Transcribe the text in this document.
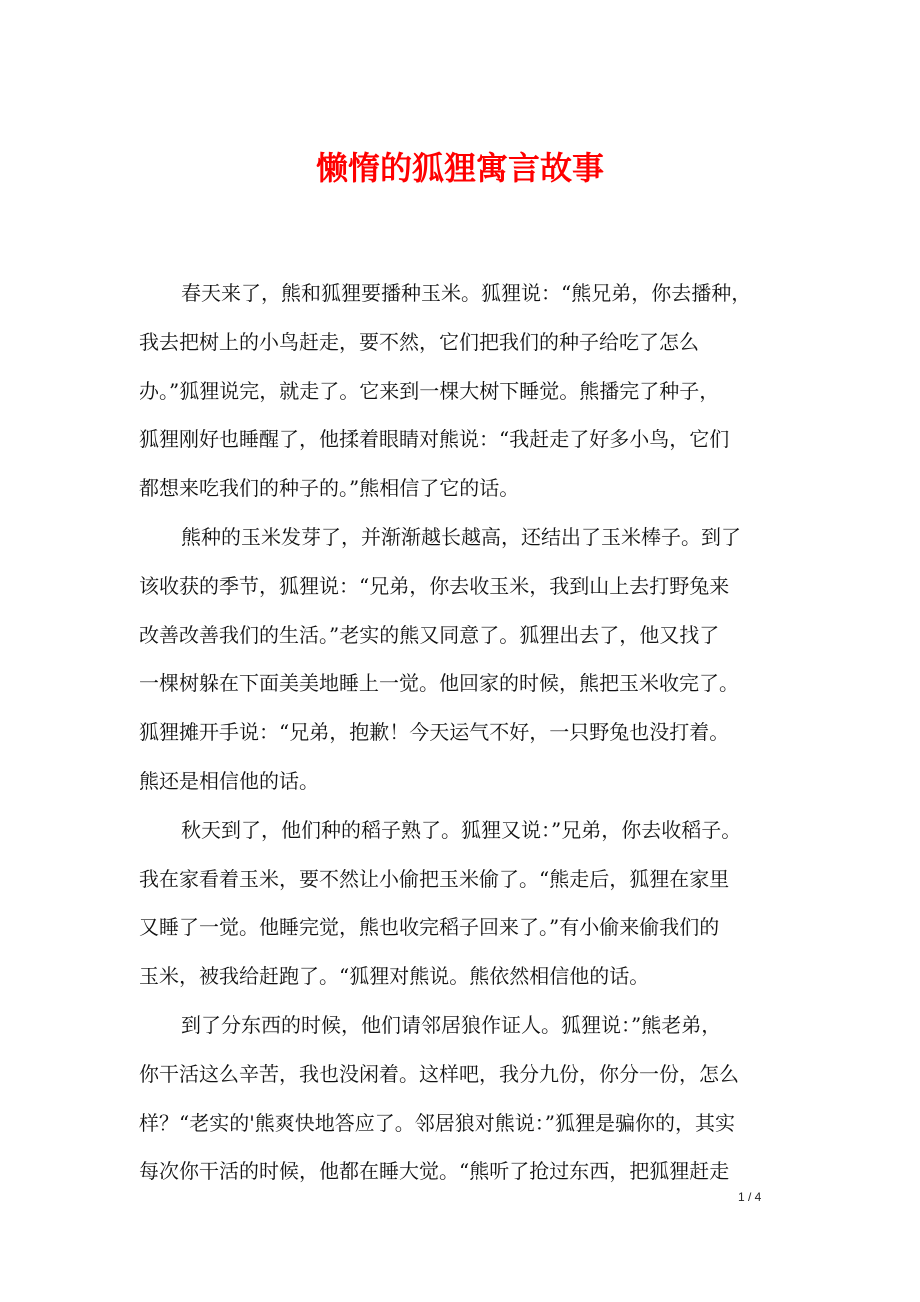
懒惰的狐狸寓言故事
春天来了，熊和狐狸要播种玉米。狐狸说：“熊兄弟，你去播种，
我去把树上的小鸟赶走，要不然，它们把我们的种子给吃了怎么
办。”狐狸说完，就走了。它来到一棵大树下睡觉。熊播完了种子，
狐狸刚好也睡醒了，他揉着眼睛对熊说：“我赶走了好多小鸟，它们
都想来吃我们的种子的。”熊相信了它的话。
熊种的玉米发芽了，并渐渐越长越高，还结出了玉米棒子。到了
该收获的季节，狐狸说：“兄弟，你去收玉米，我到山上去打野兔来
改善改善我们的生活。”老实的熊又同意了。狐狸出去了，他又找了
一棵树躲在下面美美地睡上一觉。他回家的时候，熊把玉米收完了。
狐狸摊开手说：“兄弟，抱歉！今天运气不好，一只野兔也没打着。
熊还是相信他的话。
秋天到了，他们种的稻子熟了。狐狸又说：”兄弟，你去收稻子。
我在家看着玉米，要不然让小偷把玉米偷了。“熊走后，狐狸在家里
又睡了一觉。他睡完觉，熊也收完稻子回来了。”有小偷来偷我们的
玉米，被我给赶跑了。“狐狸对熊说。熊依然相信他的话。
到了分东西的时候，他们请邻居狼作证人。狐狸说：”熊老弟，
你干活这么辛苦，我也没闲着。这样吧，我分九份，你分一份，怎么
样？“老实的'熊爽快地答应了。邻居狼对熊说：”狐狸是骗你的，其实
每次你干活的时候，他都在睡大觉。“熊听了抢过东西，把狐狸赶走
1 / 4
